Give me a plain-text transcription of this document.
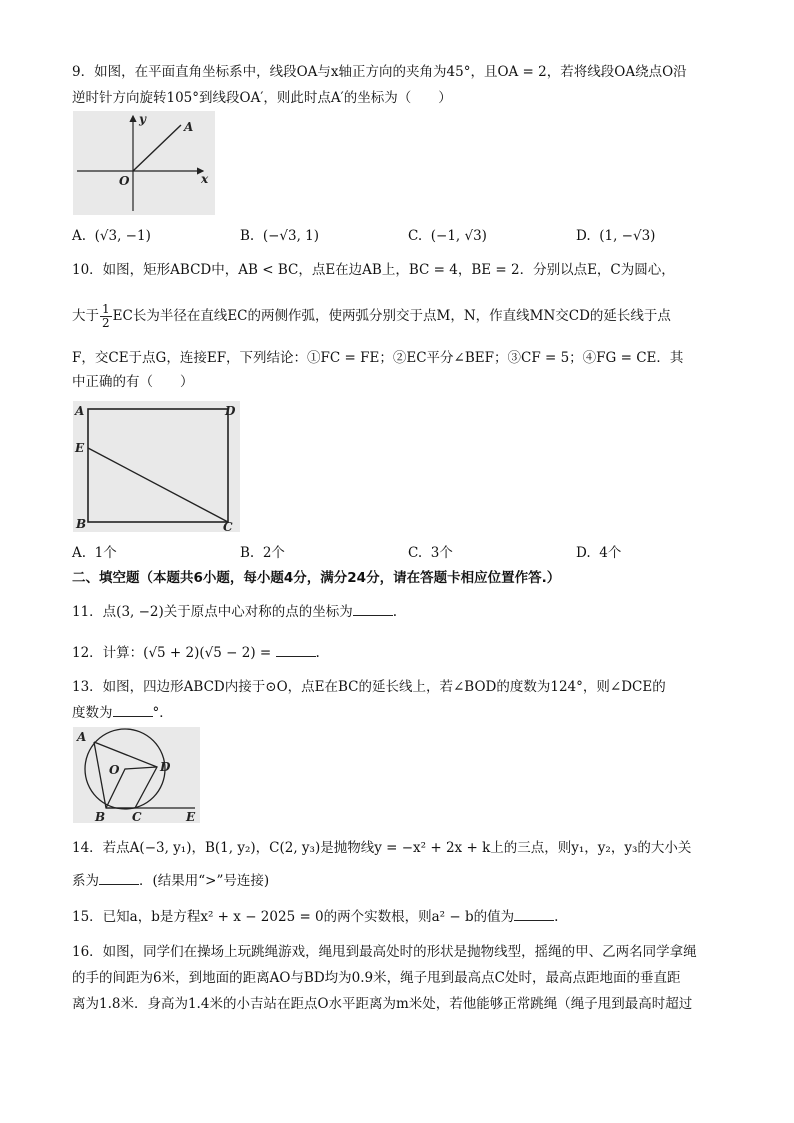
9．如图，在平面直角坐标系中，线段OA与x轴正方向的夹角为45°，且OA = 2，若将线段OA绕点O沿
逆时针方向旋转105°到线段OA′，则此时点A′的坐标为（　　）
y
x
O
A
A. (√3, −1)	B. (−√3, 1)	C. (−1, √3)	D. (1, −√3)
10．如图，矩形ABCD中，AB < BC，点E在边AB上，BC = 4，BE = 2．分别以点E，C为圆心，
大于 $\frac{1}{2}$ EC长为半径在直线EC的两侧作弧，使两弧分别交于点M，N，作直线MN交CD的延长线于点
F，交CE于点G，连接EF，下列结论：①FC = FE；②EC平分∠BEF；③CF = 5；④FG = CE．其
中正确的有（　　）
A	D
E
B	C
A. 1个	B. 2个	C. 3个	D. 4个
二、填空题（本题共6小题，每小题4分，满分24分，请在答题卡相应位置作答.）
11．点(3, −2)关于原点中心对称的点的坐标为	.
12．计算：(√5 + 2)(√5 − 2) =	.
13．如图，四边形ABCD内接于⊙O，点E在BC的延长线上，若∠BOD的度数为124°，则∠DCE的
度数为	°．
A
O	D
B C	E
14．若点A(−3, y₁)，B(1, y₂)，C(2, y₃)是抛物线y = −x² + 2x + k上的三点，则y₁，y₂，y₃的大小关
系为	．(结果用“>”号连接)
15．已知a，b是方程x² + x − 2025 = 0的两个实数根，则a² − b的值为	.
16．如图，同学们在操场上玩跳绳游戏，绳甩到最高处时的形状是抛物线型，摇绳的甲、乙两名同学拿绳
的手的间距为6米，到地面的距离AO与BD均为0.9米，绳子甩到最高点C处时，最高点距地面的垂直距
离为1.8米．身高为1.4米的小吉站在距点O水平距离为m米处，若他能够正常跳绳（绳子甩到最高时超过
